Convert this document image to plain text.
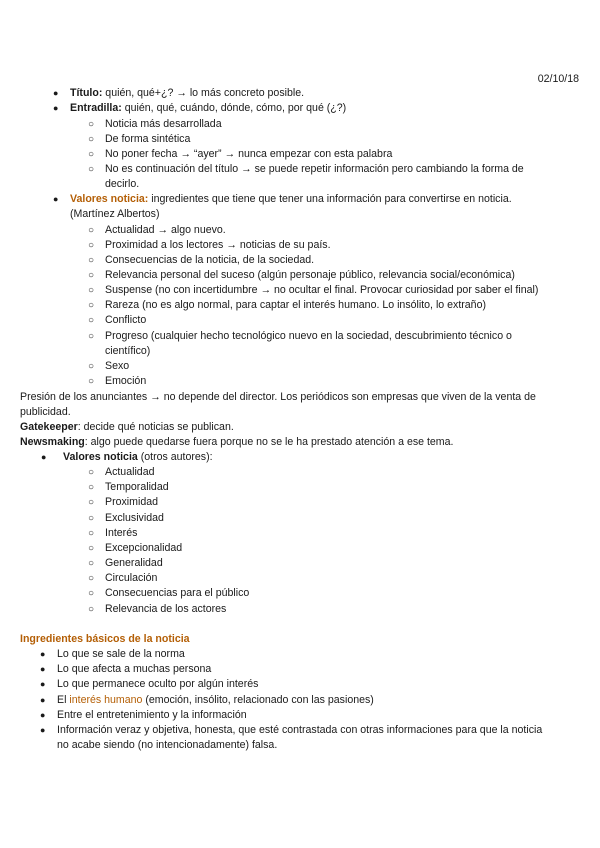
02/10/18
● Título: quién, qué+¿? → lo más concreto posible.
● Entradilla: quién, qué, cuándo, dónde, cómo, por qué (¿?)
○ Noticia más desarrollada
○ De forma sintética
○ No poner fecha → “ayer” → nunca empezar con esta palabra
○ No es continuación del título → se puede repetir información pero cambiando la forma de
decirlo.
● Valores noticia: ingredientes que tiene que tener una información para convertirse en noticia.
(Martínez Albertos)
○ Actualidad → algo nuevo.
○ Proximidad a los lectores → noticias de su país.
○ Consecuencias de la noticia, de la sociedad.
○ Relevancia personal del suceso (algún personaje público, relevancia social/económica)
○ Suspense (no con incertidumbre → no ocultar el final. Provocar curiosidad por saber el final)
○ Rareza (no es algo normal, para captar el interés humano. Lo insólito, lo extraño)
○ Conflicto
○ Progreso (cualquier hecho tecnológico nuevo en la sociedad, descubrimiento técnico o
científico)
○ Sexo
○ Emoción
Presión de los anunciantes → no depende del director. Los periódicos son empresas que viven de la venta de
publicidad.
Gatekeeper: decide qué noticias se publican.
Newsmaking: algo puede quedarse fuera porque no se le ha prestado atención a ese tema.
● Valores noticia (otros autores):
○ Actualidad
○ Temporalidad
○ Proximidad
○ Exclusividad
○ Interés
○ Excepcionalidad
○ Generalidad
○ Circulación
○ Consecuencias para el público
○ Relevancia de los actores
Ingredientes básicos de la noticia
● Lo que se sale de la norma
● Lo que afecta a muchas persona
● Lo que permanece oculto por algún interés
● El interés humano (emoción, insólito, relacionado con las pasiones)
● Entre el entretenimiento y la información
● Información veraz y objetiva, honesta, que esté contrastada con otras informaciones para que la noticia
no acabe siendo (no intencionadamente) falsa.
